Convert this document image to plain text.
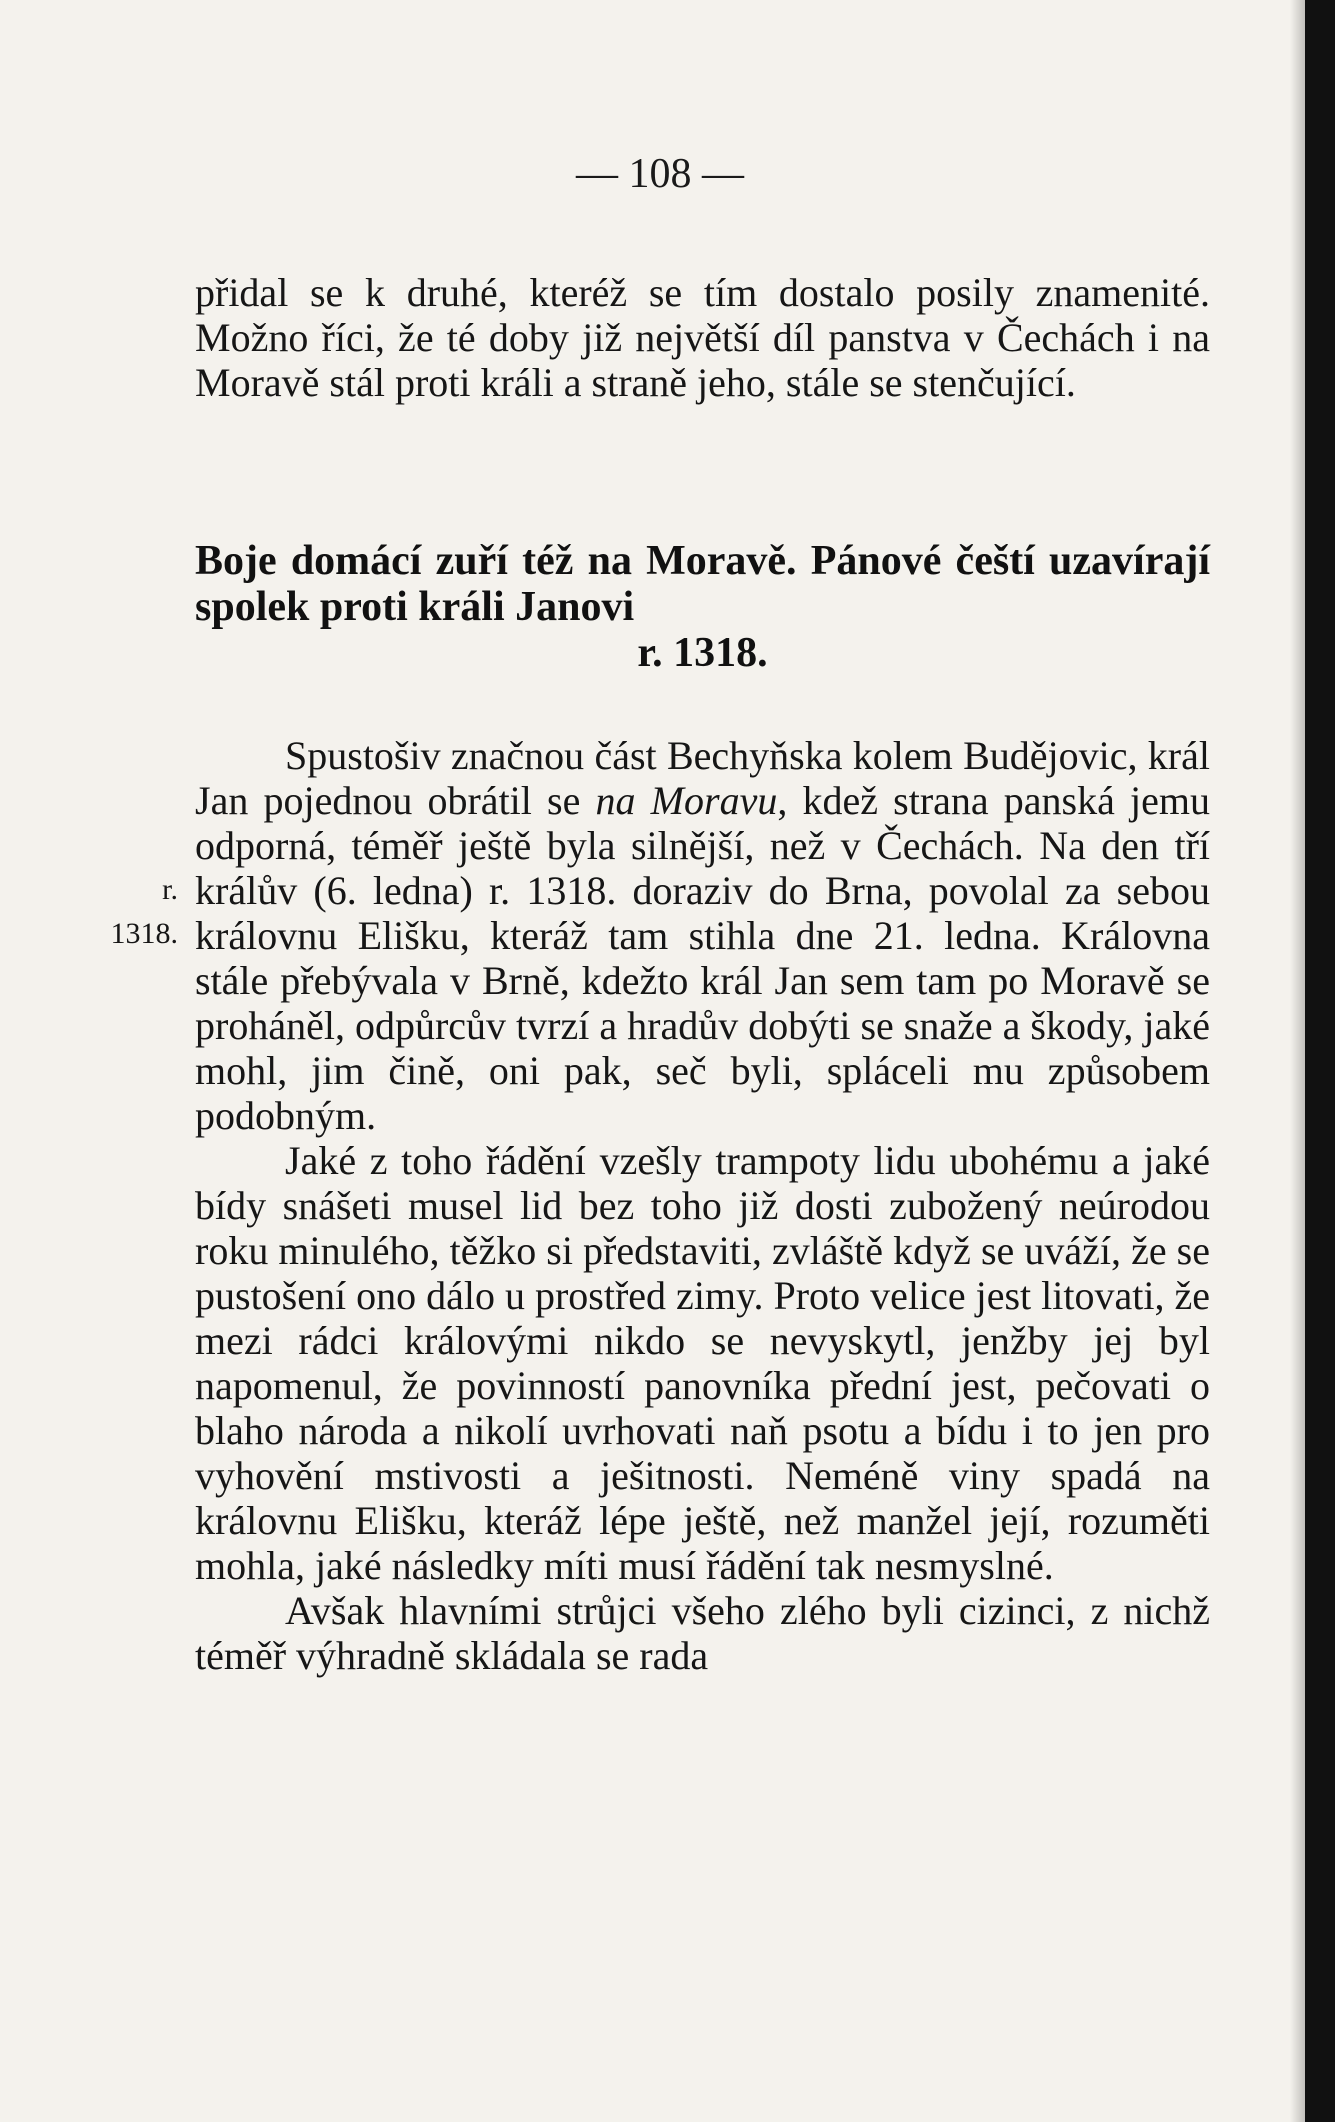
— 108 —

přidal se k druhé, kteréž se tím dostalo posily znamenité. Možno říci, že té doby již největší díl panstva v Čechách i na Moravě stál proti králi a straně jeho, stále se stenčující.

Boje domácí zuří též na Moravě. Pánové čeští uzavírají spolek proti králi Janovi
r. 1318.

Spustošiv značnou část Bechyňska kolem Budějovic, král Jan pojednou obrátil se na Moravu, kdež strana panská jemu odporná, téměř ještě byla silnější, než v Čechách. Na den tří králův (6. ledna) r. 1318. doraziv do Brna, povolal za sebou královnu Elišku, kteráž tam stihla dne 21. ledna. Královna stále přebývala v Brně, kdežto král Jan sem tam po Moravě se proháněl, odpůrcův tvrzí a hradův dobýti se snaže a škody, jaké mohl, jim čině, oni pak, seč byli, spláceli mu způsobem podobným.

Jaké z toho řádění vzešly trampoty lidu ubohému a jaké bídy snášeti musel lid bez toho již dosti zubožený neúrodou roku minulého, těžko si představiti, zvláště když se uváží, že se pustošení ono dálo u prostřed zimy. Proto velice jest litovati, že mezi rádci královými nikdo se nevyskytl, jenžby jej byl napomenul, že povinností panovníka přední jest, pečovati o blaho národa a nikolí uvrhovati naň psotu a bídu i to jen pro vyhovění mstivosti a ješitnosti. Neméně viny spadá na královnu Elišku, kteráž lépe ještě, než manžel její, rozuměti mohla, jaké následky míti musí řádění tak nesmyslné.

Avšak hlavními strůjci všeho zlého byli cizinci, z nichž téměř výhradně skládala se rada

r.
1318.
